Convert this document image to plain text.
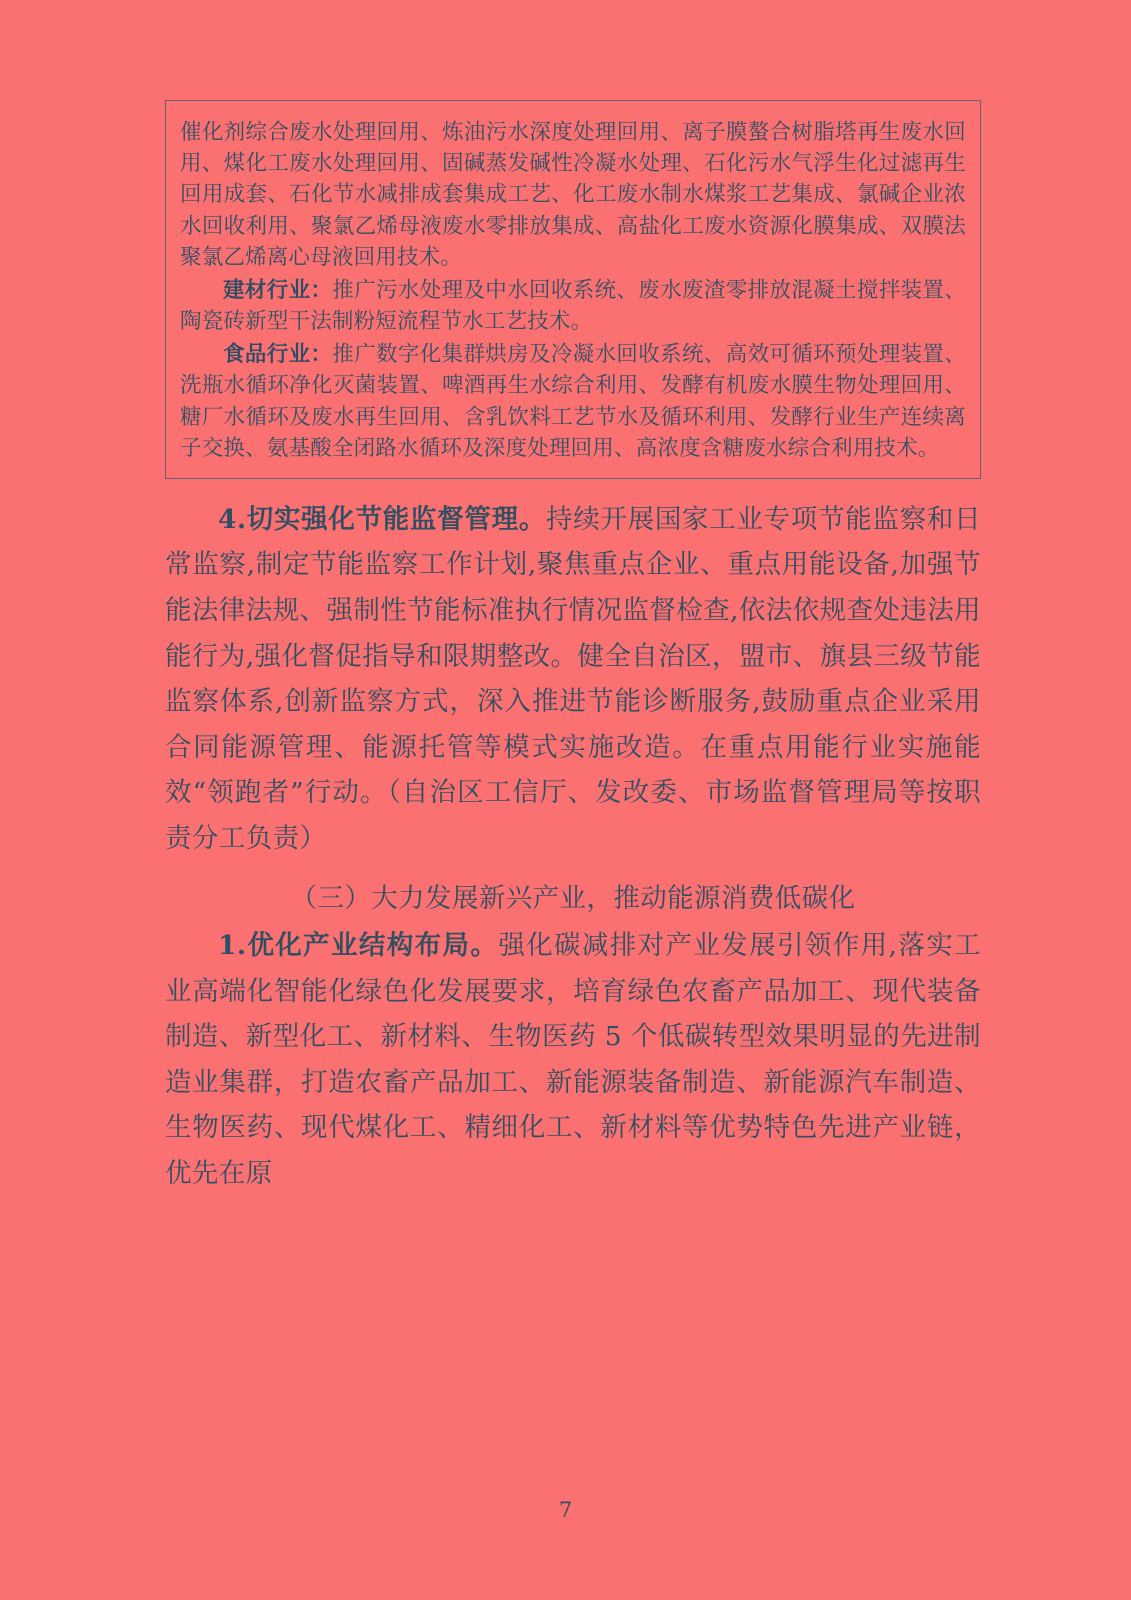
催化剂综合废水处理回用、炼油污水深度处理回用、离子膜螯合树脂塔再生废水回用、煤化工废水处理回用、固碱蒸发碱性冷凝水处理、石化污水气浮生化过滤再生回用成套、石化节水减排成套集成工艺、化工废水制水煤浆工艺集成、氯碱企业浓水回收利用、聚氯乙烯母液废水零排放集成、高盐化工废水资源化膜集成、双膜法聚氯乙烯离心母液回用技术。

建材行业：推广污水处理及中水回收系统、废水废渣零排放混凝土搅拌装置、陶瓷砖新型干法制粉短流程节水工艺技术。

食品行业：推广数字化集群烘房及冷凝水回收系统、高效可循环预处理装置、洗瓶水循环净化灭菌装置、啤酒再生水综合利用、发酵有机废水膜生物处理回用、糖厂水循环及废水再生回用、含乳饮料工艺节水及循环利用、发酵行业生产连续离子交换、氨基酸全闭路水循环及深度处理回用、高浓度含糖废水综合利用技术。

4.切实强化节能监督管理。持续开展国家工业专项节能监察和日常监察,制定节能监察工作计划,聚焦重点企业、重点用能设备,加强节能法律法规、强制性节能标准执行情况监督检查,依法依规查处违法用能行为,强化督促指导和限期整改。健全自治区，盟市、旗县三级节能监察体系,创新监察方式，深入推进节能诊断服务,鼓励重点企业采用合同能源管理、能源托管等模式实施改造。在重点用能行业实施能效“领跑者”行动。（自治区工信厅、发改委、市场监督管理局等按职责分工负责）

（三）大力发展新兴产业，推动能源消费低碳化

1.优化产业结构布局。强化碳减排对产业发展引领作用,落实工业高端化智能化绿色化发展要求，培育绿色农畜产品加工、现代装备制造、新型化工、新材料、生物医药 5 个低碳转型效果明显的先进制造业集群，打造农畜产品加工、新能源装备制造、新能源汽车制造、生物医药、现代煤化工、精细化工、新材料等优势特色先进产业链，优先在原

7
